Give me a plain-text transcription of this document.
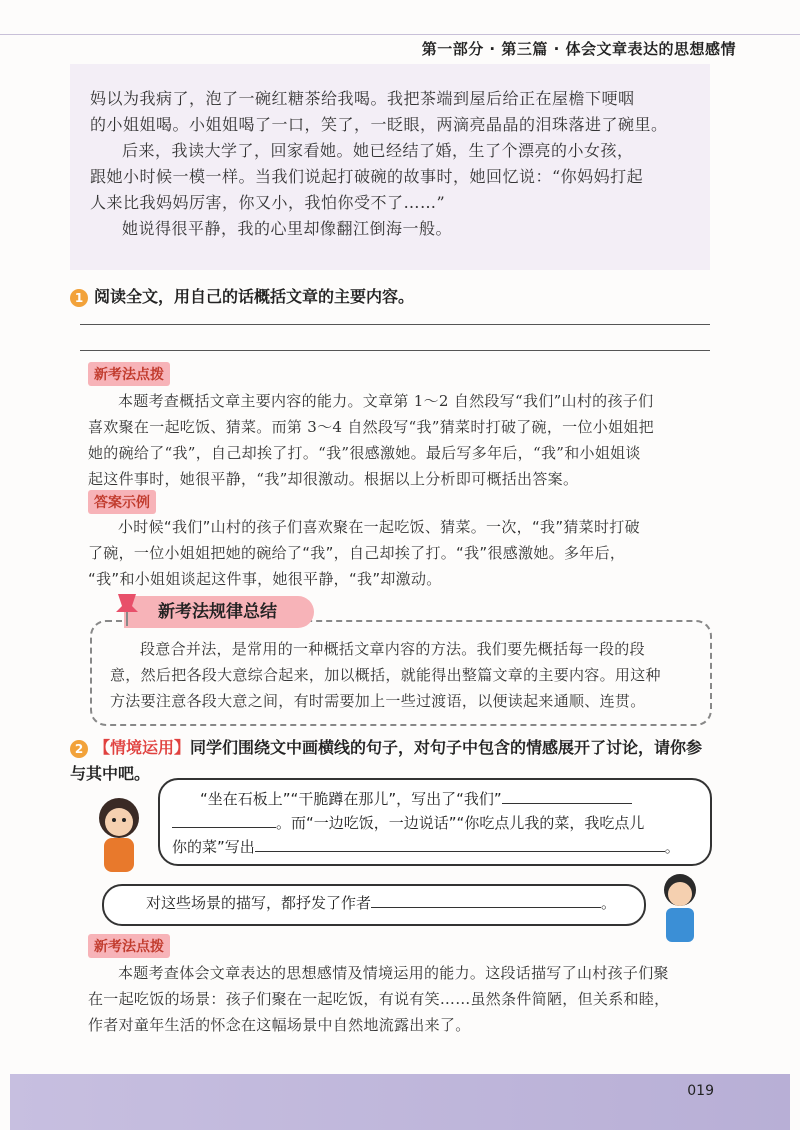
第一部分 · 第三篇 · 体会文章表达的思想感情

妈以为我病了，泡了一碗红糖茶给我喝。我把茶端到屋后给正在屋檐下哽咽

的小姐姐喝。小姐姐喝了一口，笑了，一眨眼，两滴亮晶晶的泪珠落进了碗里。

后来，我读大学了，回家看她。她已经结了婚，生了个漂亮的小女孩，

跟她小时候一模一样。当我们说起打破碗的故事时，她回忆说：“你妈妈打起

人来比我妈妈厉害，你又小，我怕你受不了……”

她说得很平静，我的心里却像翻江倒海一般。

1 阅读全文，用自己的话概括文章的主要内容。
新考法点拨
本题考查概括文章主要内容的能力。文章第 1～2 自然段写“我们”山村的孩子们
喜欢聚在一起吃饭、猜菜。而第 3～4 自然段写“我”猜菜时打破了碗，一位小姐姐把
她的碗给了“我”，自己却挨了打。“我”很感激她。最后写多年后，“我”和小姐姐谈
起这件事时，她很平静，“我”却很激动。根据以上分析即可概括出答案。
答案示例
小时候“我们”山村的孩子们喜欢聚在一起吃饭、猜菜。一次，“我”猜菜时打破
了碗，一位小姐姐把她的碗给了“我”，自己却挨了打。“我”很感激她。多年后，
“我”和小姐姐谈起这件事，她很平静，“我”却激动。
新考法规律总结
段意合并法，是常用的一种概括文章内容的方法。我们要先概括每一段的段
意，然后把各段大意综合起来，加以概括，就能得出整篇文章的主要内容。用这种
方法要注意各段大意之间，有时需要加上一些过渡语，以便读起来通顺、连贯。
2 【情境运用】同学们围绕文中画横线的句子，对句子中包含的情感展开了讨论，请你参
与其中吧。
“坐在石板上”“干脆蹲在那儿”，写出了“我们”
。而“一边吃饭，一边说话”“你吃点儿我的菜，我吃点儿
你的菜”写出	。
对这些场景的描写，都抒发了作者	。
新考法点拨
本题考查体会文章表达的思想感情及情境运用的能力。这段话描写了山村孩子们聚
在一起吃饭的场景：孩子们聚在一起吃饭，有说有笑……虽然条件简陋，但关系和睦，
作者对童年生活的怀念在这幅场景中自然地流露出来了。
019
